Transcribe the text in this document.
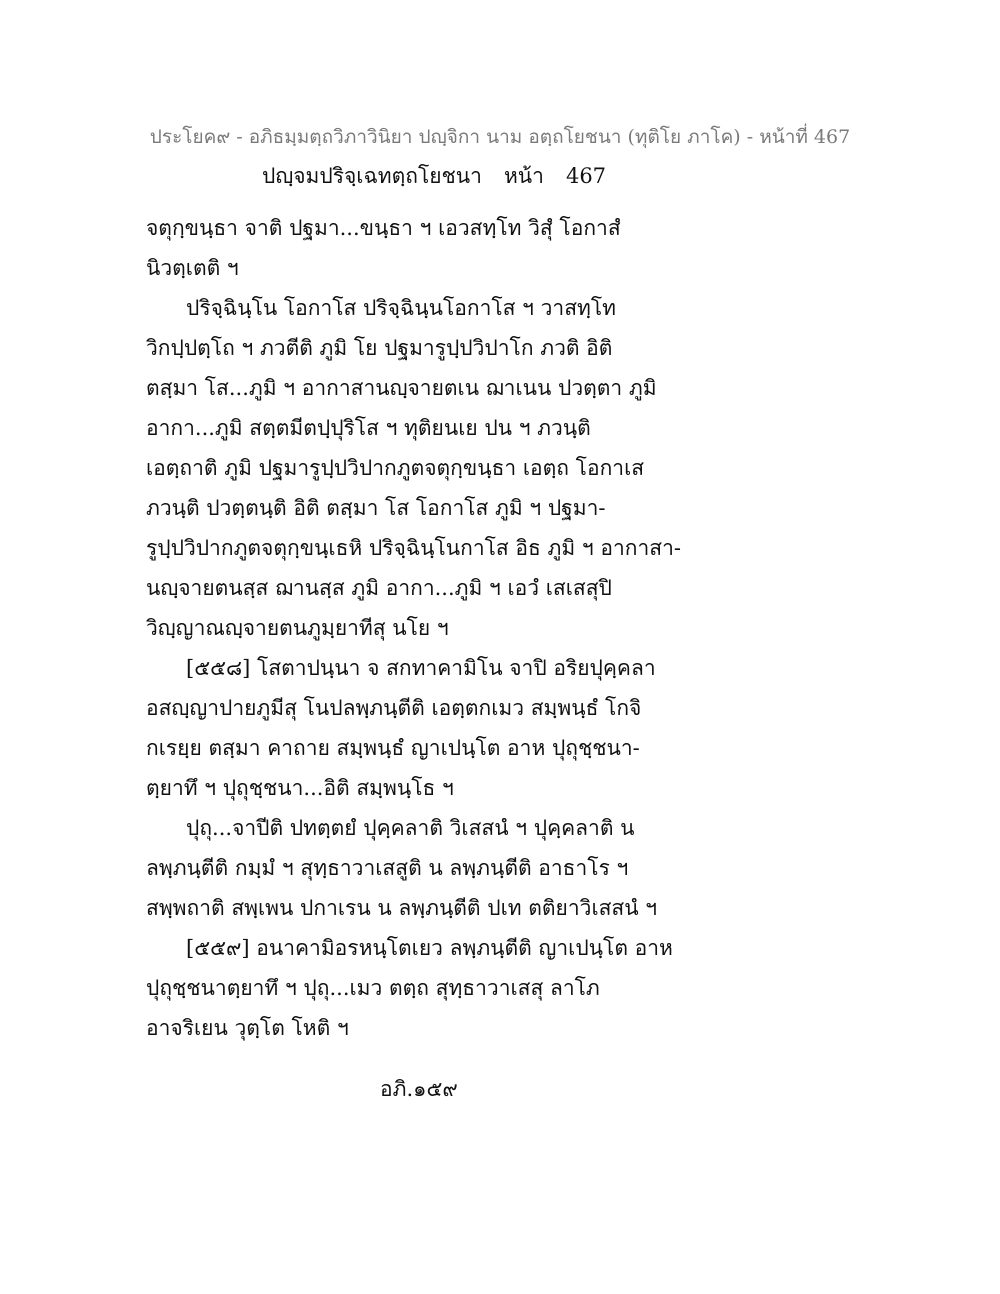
ประโยค๙ - อภิธมฺมตฺถวิภาวินิยา ปญฺจิกา นาม อตฺถโยชนา (ทุติโย ภาโค) - หน้าที่ 467
ปญฺจมปริจฺเฉทตฺถโยชนา หน้า 467
จตุกฺขนฺธา จาติ ปฐมา...ขนฺธา ฯ เอวสทฺโท วิสุํ โอกาสํ
นิวตฺเตติ ฯ
ปริจฺฉินฺโน โอกาโส ปริจฺฉินฺนโอกาโส ฯ วาสทฺโท
วิกปฺปตฺโถ ฯ ภวตีติ ภูมิ โย ปฐมารูปฺปวิปาโก ภวติ อิติ
ตสฺมา โส...ภูมิ ฯ อากาสานญฺจายตเน ฌาเนน ปวตฺตา ภูมิ
อากา...ภูมิ สตฺตมีตปฺปุริโส ฯ ทุติยนเย ปน ฯ ภวนฺติ
เอตฺถาติ ภูมิ ปฐมารูปฺปวิปากภูตจตุกฺขนฺธา เอตฺถ โอกาเส
ภวนฺติ ปวตฺตนฺติ อิติ ตสฺมา โส โอกาโส ภูมิ ฯ ปฐมา-
รูปฺปวิปากภูตจตุกฺขนฺเธหิ ปริจฺฉินฺโนกาโส อิธ ภูมิ ฯ อากาสา-
นญฺจายตนสฺส ฌานสฺส ภูมิ อากา...ภูมิ ฯ เอวํ เสเสสุปิ
วิญฺญาณญฺจายตนภูมฺยาทีสุ นโย ฯ
[๕๕๘] โสตาปนฺนา จ สกทาคามิโน จาปิ อริยปุคฺคลา
อสญฺญาปายภูมีสุ โนปลพฺภนฺตีติ เอตฺตกเมว สมฺพนฺธํ โกจิ
กเรยฺย ตสฺมา คาถาย สมฺพนฺธํ ญาเปนฺโต อาห ปุถุชฺชนา-
ตฺยาทึ ฯ ปุถุชฺชนา...อิติ สมฺพนฺโธ ฯ
ปุถุ...จาปีติ ปทตฺตยํ ปุคฺคลาติ วิเสสนํ ฯ ปุคฺคลาติ น
ลพฺภนฺตีติ กมฺมํ ฯ สุทฺธาวาเสสูติ น ลพฺภนฺตีติ อาธาโร ฯ
สพฺพถาติ สพฺเพน ปกาเรน น ลพฺภนฺตีติ ปเท ตติยาวิเสสนํ ฯ
[๕๕๙] อนาคามิอรหนฺโตเยว ลพฺภนฺตีติ ญาเปนฺโต อาห
ปุถุชฺชนาตฺยาทึ ฯ ปุถุ...เมว ตตฺถ สุทฺธาวาเสสุ ลาโภ
อาจริเยน วุตฺโต โหติ ฯ
อภิ.๑๕๙
